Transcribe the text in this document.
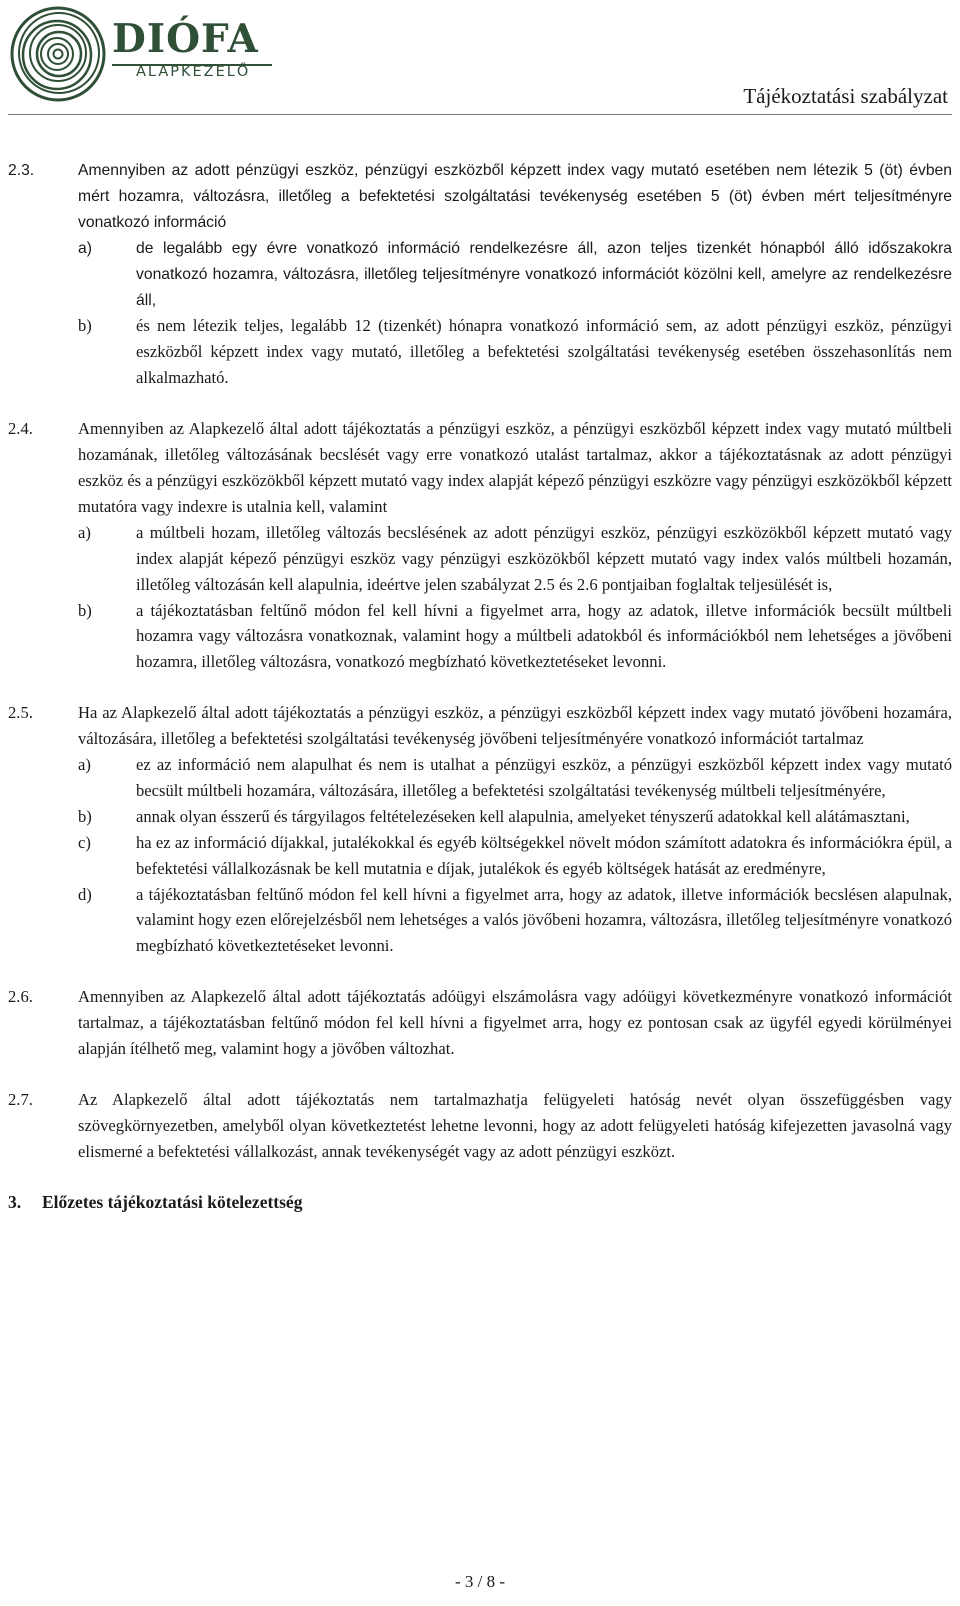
DIÓFA
ALAPKEZELŐ
Tájékoztatási szabályzat
2.3.	Amennyiben az adott pénzügyi eszköz, pénzügyi eszközből képzett index vagy mutató esetében nem létezik 5 (öt) évben mért hozamra, változásra, illetőleg a befektetési szolgáltatási tevékenység esetében 5 (öt) évben mért teljesítményre vonatkozó információ
a)	de legalább egy évre vonatkozó információ rendelkezésre áll, azon teljes tizenkét hónapból álló időszakokra vonatkozó hozamra, változásra, illetőleg teljesítményre vonatkozó információt közölni kell, amelyre az rendelkezésre áll,
b)	és nem létezik teljes, legalább 12 (tizenkét) hónapra vonatkozó információ sem, az adott pénzügyi eszköz, pénzügyi eszközből képzett index vagy mutató, illetőleg a befektetési szolgáltatási tevékenység esetében összehasonlítás nem alkalmazható.
2.4.	Amennyiben az Alapkezelő által adott tájékoztatás a pénzügyi eszköz, a pénzügyi eszközből képzett index vagy mutató múltbeli hozamának, illetőleg változásának becslését vagy erre vonatkozó utalást tartalmaz, akkor a tájékoztatásnak az adott pénzügyi eszköz és a pénzügyi eszközökből képzett mutató vagy index alapját képező pénzügyi eszközre vagy pénzügyi eszközökből képzett mutatóra vagy indexre is utalnia kell, valamint
a)	a múltbeli hozam, illetőleg változás becslésének az adott pénzügyi eszköz, pénzügyi eszközökből képzett mutató vagy index alapját képező pénzügyi eszköz vagy pénzügyi eszközökből képzett mutató vagy index valós múltbeli hozamán, illetőleg változásán kell alapulnia, ideértve jelen szabályzat 2.5 és 2.6 pontjaiban foglaltak teljesülését is,
b)	a tájékoztatásban feltűnő módon fel kell hívni a figyelmet arra, hogy az adatok, illetve információk becsült múltbeli hozamra vagy változásra vonatkoznak, valamint hogy a múltbeli adatokból és információkból nem lehetséges a jövőbeni hozamra, illetőleg változásra, vonatkozó megbízható következtetéseket levonni.
2.5.	Ha az Alapkezelő által adott tájékoztatás a pénzügyi eszköz, a pénzügyi eszközből képzett index vagy mutató jövőbeni hozamára, változására, illetőleg a befektetési szolgáltatási tevékenység jövőbeni teljesítményére vonatkozó információt tartalmaz
a)	ez az információ nem alapulhat és nem is utalhat a pénzügyi eszköz, a pénzügyi eszközből képzett index vagy mutató becsült múltbeli hozamára, változására, illetőleg a befektetési szolgáltatási tevékenység múltbeli teljesítményére,
b)	annak olyan ésszerű és tárgyilagos feltételezéseken kell alapulnia, amelyeket tényszerű adatokkal kell alátámasztani,
c)	ha ez az információ díjakkal, jutalékokkal és egyéb költségekkel növelt módon számított adatokra és információkra épül, a befektetési vállalkozásnak be kell mutatnia e díjak, jutalékok és egyéb költségek hatását az eredményre,
d)	a tájékoztatásban feltűnő módon fel kell hívni a figyelmet arra, hogy az adatok, illetve információk becslésen alapulnak, valamint hogy ezen előrejelzésből nem lehetséges a valós jövőbeni hozamra, változásra, illetőleg teljesítményre vonatkozó megbízható következtetéseket levonni.
2.6.	Amennyiben az Alapkezelő által adott tájékoztatás adóügyi elszámolásra vagy adóügyi következményre vonatkozó információt tartalmaz, a tájékoztatásban feltűnő módon fel kell hívni a figyelmet arra, hogy ez pontosan csak az ügyfél egyedi körülményei alapján ítélhető meg, valamint hogy a jövőben változhat.
2.7.	Az Alapkezelő által adott tájékoztatás nem tartalmazhatja felügyeleti hatóság nevét olyan összefüggésben vagy szövegkörnyezetben, amelyből olyan következtetést lehetne levonni, hogy az adott felügyeleti hatóság kifejezetten javasolná vagy elismerné a befektetési vállalkozást, annak tevékenységét vagy az adott pénzügyi eszközt.
3. Előzetes tájékoztatási kötelezettség
- 3 / 8 -
